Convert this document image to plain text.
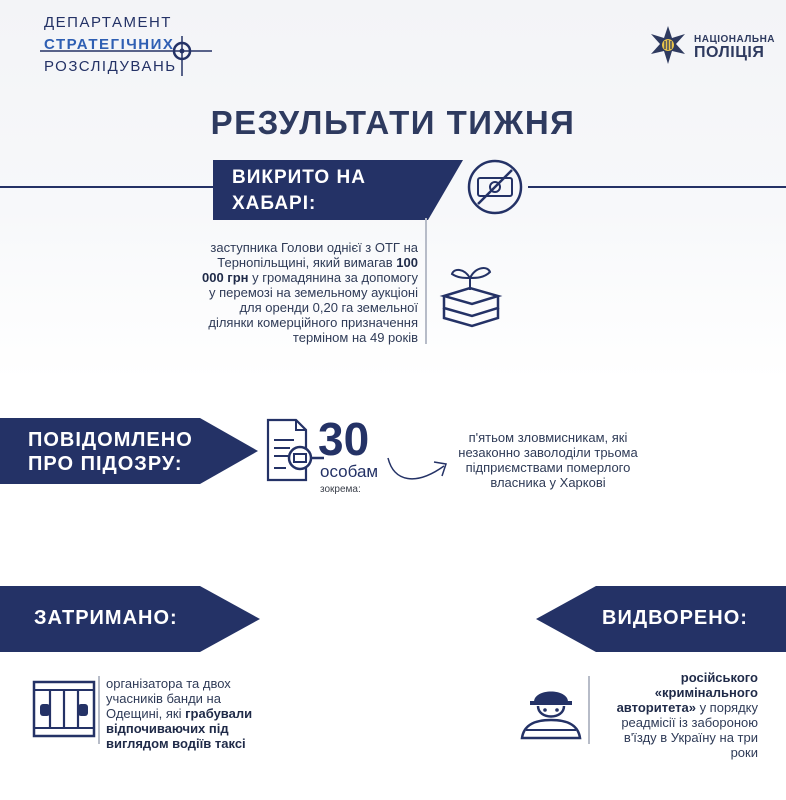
ДЕПАРТАМЕНТ
СТРАТЕГІЧНИХ
РОЗСЛІДУВАНЬ
НАЦІОНАЛЬНА
ПОЛІЦІЯ
РЕЗУЛЬТАТИ ТИЖНЯ
ВИКРИТО НА
ХАБАРІ:
заступника Голови однієї з ОТГ на Тернопільщині, який вимагав 100 000 грн у громадянина за допомогу у перемозі на земельному аукціоні для оренди 0,20 га земельної ділянки комерційного призначення терміном на 49 років
ПОВІДОМЛЕНО
ПРО ПІДОЗРУ:	30
особам
зокрема:
п'ятьом зловмисникам, які незаконно заволоділи трьома підприємствами померлого власника у Харкові
ЗАТРИМАНО:
організатора та двох учасників банди на Одещині, які грабували відпочиваючих під виглядом водіїв таксі
ВИДВОРЕНО:
російського «кримінального авторитета» у порядку реадмісії із забороною в'їзду в Україну на три роки
